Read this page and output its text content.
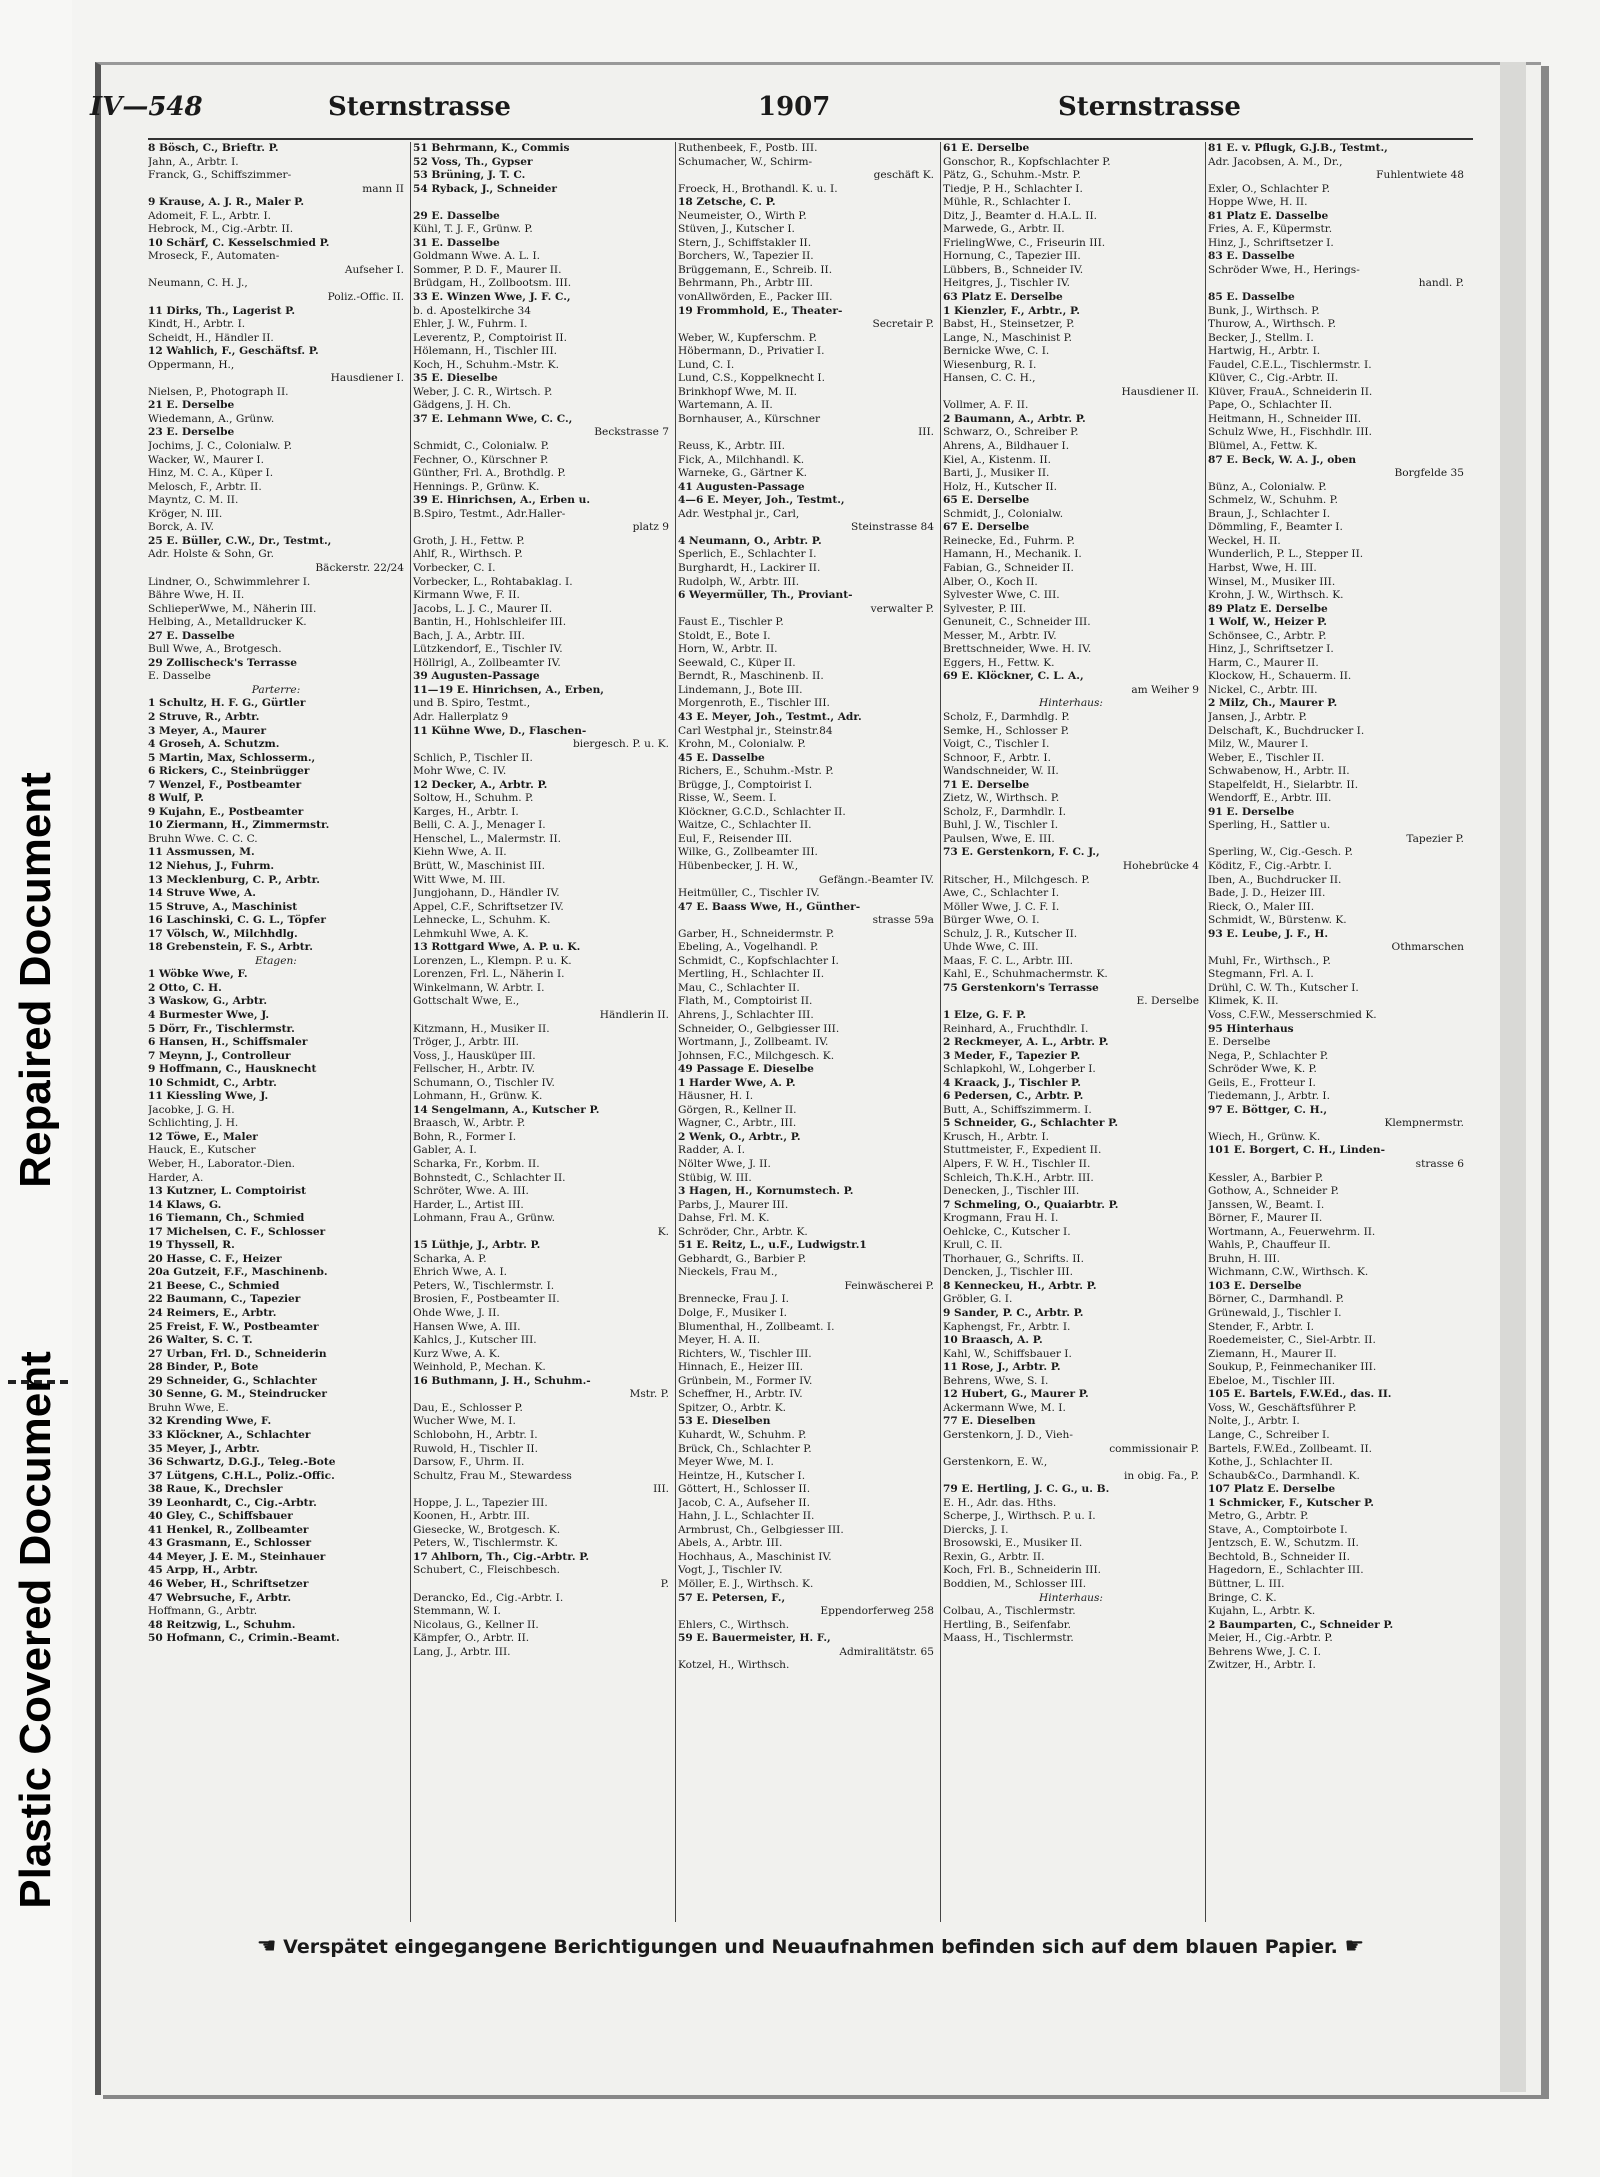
Repaired Document
Plastic Covered Document
IV—548	Sternstrasse	1907	Sternstrasse
8 Bösch, C., Brieftr. P.
Jahn, A., Arbtr. I.
Franck, G., Schiffszimmer-
mann II
9 Krause, A. J. R., Maler P.
Adomeit, F. L., Arbtr. I.
Hebrock, M., Cig.-Arbtr. II.
10 Schärf, C. Kesselschmied P.
Mroseck, F., Automaten-
Aufseher I.
Neumann, C. H. J.,
Poliz.-Offic. II.
11 Dirks, Th., Lagerist P.
Kindt, H., Arbtr. I.
Scheidt, H., Händler II.
12 Wahlich, F., Geschäftsf. P.
Oppermann, H.,
Hausdiener I.
Nielsen, P., Photograph II.
21 E. Derselbe
Wiedemann, A., Grünw.
23 E. Derselbe
Jochims, J. C., Colonialw. P.
Wacker, W., Maurer I.
Hinz, M. C. A., Küper I.
Melosch, F., Arbtr. II.
Mayntz, C. M. II.
Kröger, N. III.
Borck, A. IV.
25 E. Büller, C.W., Dr., Testmt.,
Adr. Holste & Sohn, Gr.
Bäckerstr. 22/24
Lindner, O., Schwimmlehrer I.
Bähre Wwe, H. II.
SchlieperWwe, M., Näherin III.
Helbing, A., Metalldrucker K.
27 E. Dasselbe
Bull Wwe, A., Brotgesch.
29 Zollischeck's Terrasse
E. Dasselbe
Parterre:
1 Schultz, H. F. G., Gürtler
2 Struve, R., Arbtr.
3 Meyer, A., Maurer
4 Groseh, A. Schutzm.
5 Martin, Max, Schlosserm.,
6 Rickers, C., Steinbrügger
7 Wenzel, F., Postbeamter
8 Wulf, P.
9 Kujahn, E., Postbeamter
10 Ziermann, H., Zimmermstr.
Bruhn Wwe. C. C. C.
11 Assmussen, M.
12 Niehus, J., Fuhrm.
13 Mecklenburg, C. P., Arbtr.
14 Struve Wwe, A.
15 Struve, A., Maschinist
16 Laschinski, C. G. L., Töpfer
17 Völsch, W., Milchhdlg.
18 Grebenstein, F. S., Arbtr.
Etagen:
1 Wöbke Wwe, F.
2 Otto, C. H.
3 Waskow, G., Arbtr.
4 Burmester Wwe, J.
5 Dörr, Fr., Tischlermstr.
6 Hansen, H., Schiffsmaler
7 Meynn, J., Controlleur
9 Hoffmann, C., Hausknecht
10 Schmidt, C., Arbtr.
11 Kiessling Wwe, J.
Jacobke, J. G. H.
Schlichting, J. H.
12 Töwe, E., Maler
Hauck, E., Kutscher
Weber, H., Laborator.-Dien.
Harder, A.
13 Kutzner, L. Comptoirist
14 Klaws, G.
16 Tiemann, Ch., Schmied
17 Michelsen, C. F., Schlosser
19 Thyssell, R.
20 Hasse, C. F., Heizer
20a Gutzeit, F.F., Maschinenb.
21 Beese, C., Schmied
22 Baumann, C., Tapezier
24 Reimers, E., Arbtr.
25 Freist, F. W., Postbeamter
26 Walter, S. C. T.
27 Urban, Frl. D., Schneiderin
28 Binder, P., Bote
29 Schneider, G., Schlachter
30 Senne, G. M., Steindrucker
Bruhn Wwe, E.
32 Krending Wwe, F.
33 Klöckner, A., Schlachter
35 Meyer, J., Arbtr.
36 Schwartz, D.G.J., Teleg.-Bote
37 Lütgens, C.H.L., Poliz.-Offic.
38 Raue, K., Drechsler
39 Leonhardt, C., Cig.-Arbtr.
40 Gley, C., Schiffsbauer
41 Henkel, R., Zollbeamter
43 Grasmann, E., Schlosser
44 Meyer, J. E. M., Steinhauer
45 Arpp, H., Arbtr.
46 Weber, H., Schriftsetzer
47 Webrsuche, F., Arbtr.
Hoffmann, G., Arbtr.
48 Reitzwig, L., Schuhm.
50 Hofmann, C., Crimin.-Beamt.
51 Behrmann, K., Commis
52 Voss, Th., Gypser
53 Brüning, J. T. C.
54 Ryback, J., Schneider
29 E. Dasselbe
Kühl, T. J. F., Grünw. P.
31 E. Dasselbe
Goldmann Wwe. A. L. I.
Sommer, P. D. F., Maurer II.
Brüdgam, H., Zollbootsm. III.
33 E. Winzen Wwe, J. F. C.,
b. d. Apostelkirche 34
Ehler, J. W., Fuhrm. I.
Leverentz, P., Comptoirist II.
Hölemann, H., Tischler III.
Koch, H., Schuhm.-Mstr. K.
35 E. Dieselbe
Weber, J. C. R., Wirtsch. P.
Gädgens, J. H. Ch.
37 E. Lehmann Wwe, C. C.,
Beckstrasse 7
Schmidt, C., Colonialw. P.
Fechner, O., Kürschner P.
Günther, Frl. A., Brothdlg. P.
Hennings. P., Grünw. K.
39 E. Hinrichsen, A., Erben u.
B.Spiro, Testmt., Adr.Haller-
platz 9
Groth, J. H., Fettw. P.
Ahlf, R., Wirthsch. P.
Vorbecker, C. I.
Vorbecker, L., Rohtabaklag. I.
Kirmann Wwe, F. II.
Jacobs, L. J. C., Maurer II.
Bantin, H., Hohlschleifer III.
Bach, J. A., Arbtr. III.
Lützkendorf, E., Tischler IV.
Höllrigl, A., Zollbeamter IV.
39 Augusten-Passage
11—19 E. Hinrichsen, A., Erben,
und B. Spiro, Testmt.,
Adr. Hallerplatz 9
11 Kühne Wwe, D., Flaschen-
biergesch. P. u. K.
Schlich, P., Tischler II.
Mohr Wwe, C. IV.
12 Decker, A., Arbtr. P.
Soltow, H., Schuhm. P.
Karges, H., Arbtr. I.
Belli, C. A. J., Menager I.
Henschel, L., Malermstr. II.
Kiehn Wwe, A. II.
Brütt, W., Maschinist III.
Witt Wwe, M. III.
Jungjohann, D., Händler IV.
Appel, C.F., Schriftsetzer IV.
Lehnecke, L., Schuhm. K.
Lehmkuhl Wwe, A. K.
13 Rottgard Wwe, A. P. u. K.
Lorenzen, L., Klempn. P. u. K.
Lorenzen, Frl. L., Näherin I.
Winkelmann, W. Arbtr. I.
Gottschalt Wwe, E.,
Händlerin II.
Kitzmann, H., Musiker II.
Tröger, J., Arbtr. III.
Voss, J., Hausküper III.
Fellscher, H., Arbtr. IV.
Schumann, O., Tischler IV.
Lohmann, H., Grünw. K.
14 Sengelmann, A., Kutscher P.
Braasch, W., Arbtr. P.
Bohn, R., Former I.
Gabler, A. I.
Scharka, Fr., Korbm. II.
Bohnstedt, C., Schlachter II.
Schröter, Wwe. A. III.
Harder, L., Artist III.
Lohmann, Frau A., Grünw.
K.
15 Lüthje, J., Arbtr. P.
Scharka, A. P.
Ehrich Wwe, A. I.
Peters, W., Tischlermstr. I.
Brosien, F., Postbeamter II.
Ohde Wwe, J. II.
Hansen Wwe, A. III.
Kahlcs, J., Kutscher III.
Kurz Wwe, A. K.
Weinhold, P., Mechan. K.
16 Buthmann, J. H., Schuhm.-
Mstr. P.
Dau, E., Schlosser P.
Wucher Wwe, M. I.
Schlobohn, H., Arbtr. I.
Ruwold, H., Tischler II.
Darsow, F., Uhrm. II.
Schultz, Frau M., Stewardess
III.
Hoppe, J. L., Tapezier III.
Koonen, H., Arbtr. III.
Giesecke, W., Brotgesch. K.
Peters, W., Tischlermstr. K.
17 Ahlborn, Th., Cig.-Arbtr. P.
Schubert, C., Fleischbesch.
P.
Derancko, Ed., Cig.-Arbtr. I.
Stemmann, W. I.
Nicolaus, G., Kellner II.
Kämpfer, O., Arbtr. II.
Lang, J., Arbtr. III.
Ruthenbeek, F., Postb. III.
Schumacher, W., Schirm-
geschäft K.
Froeck, H., Brothandl. K. u. I.
18 Zetsche, C. P.
Neumeister, O., Wirth P.
Stüven, J., Kutscher I.
Stern, J., Schiffstakler II.
Borchers, W., Tapezier II.
Brüggemann, E., Schreib. II.
Behrmann, Ph., Arbtr III.
vonAllwörden, E., Packer III.
19 Frommhold, E., Theater-
Secretair P.
Weber, W., Kupferschm. P.
Höbermann, D., Privatier I.
Lund, C. I.
Lund, C.S., Koppelknecht I.
Brinkhopf Wwe, M. II.
Wartemann, A. II.
Bornhauser, A., Kürschner
III.
Reuss, K., Arbtr. III.
Fick, A., Milchhandl. K.
Warneke, G., Gärtner K.
41 Augusten-Passage
4—6 E. Meyer, Joh., Testmt.,
Adr. Westphal jr., Carl,
Steinstrasse 84
4 Neumann, O., Arbtr. P.
Sperlich, E., Schlachter I.
Burghardt, H., Lackirer II.
Rudolph, W., Arbtr. III.
6 Weyermüller, Th., Proviant-
verwalter P.
Faust E., Tischler P.
Stoldt, E., Bote I.
Horn, W., Arbtr. II.
Seewald, C., Küper II.
Berndt, R., Maschinenb. II.
Lindemann, J., Bote III.
Morgenroth, E., Tischler III.
43 E. Meyer, Joh., Testmt., Adr.
Carl Westphal jr., Steinstr.84
Krohn, M., Colonialw. P.
45 E. Dasselbe
Richers, E., Schuhm.-Mstr. P.
Brügge, J., Comptoirist I.
Risse, W., Seem. I.
Klöckner, G.C.D., Schlachter II.
Waitze, C., Schlachter II.
Eul, F., Reisender III.
Wilke, G., Zollbeamter III.
Hübenbecker, J. H. W.,
Gefängn.-Beamter IV.
Heitmüller, C., Tischler IV.
47 E. Baass Wwe, H., Günther-
strasse 59a
Garber, H., Schneidermstr. P.
Ebeling, A., Vogelhandl. P.
Schmidt, C., Kopfschlachter I.
Mertling, H., Schlachter II.
Mau, C., Schlachter II.
Flath, M., Comptoirist II.
Ahrens, J., Schlachter III.
Schneider, O., Gelbgiesser III.
Wortmann, J., Zollbeamt. IV.
Johnsen, F.C., Milchgesch. K.
49 Passage E. Dieselbe
1 Harder Wwe, A. P.
Häusner, H. I.
Görgen, R., Kellner II.
Wagner, C., Arbtr., III.
2 Wenk, O., Arbtr., P.
Radder, A. I.
Nölter Wwe, J. II.
Stübig, W. III.
3 Hagen, H., Kornumstech. P.
Parbs, J., Maurer III.
Dahse, Frl. M. K.
Schröder, Chr., Arbtr. K.
51 E. Reitz, L., u.F., Ludwigstr.1
Gebhardt, G., Barbier P.
Nieckels, Frau M.,
Feinwäscherei P.
Brennecke, Frau J. I.
Dolge, F., Musiker I.
Blumenthal, H., Zollbeamt. I.
Meyer, H. A. II.
Richters, W., Tischler III.
Hinnach, E., Heizer III.
Grünbein, M., Former IV.
Scheffner, H., Arbtr. IV.
Spitzer, O., Arbtr. K.
53 E. Dieselben
Kuhardt, W., Schuhm. P.
Brück, Ch., Schlachter P.
Meyer Wwe, M. I.
Heintze, H., Kutscher I.
Göttert, H., Schlosser II.
Jacob, C. A., Aufseher II.
Hahn, J. L., Schlachter II.
Armbrust, Ch., Gelbgiesser III.
Abels, A., Arbtr. III.
Hochhaus, A., Maschinist IV.
Vogt, J., Tischler IV.
Möller, E. J., Wirthsch. K.
57 E. Petersen, F.,
Eppendorferweg 258
Ehlers, C., Wirthsch.
59 E. Bauermeister, H. F.,
Admiralitätstr. 65
Kotzel, H., Wirthsch.
61 E. Derselbe
Gonschor, R., Kopfschlachter P.
Pätz, G., Schuhm.-Mstr. P.
Tiedje, P. H., Schlachter I.
Mühle, R., Schlachter I.
Ditz, J., Beamter d. H.A.L. II.
Marwede, G., Arbtr. II.
FrielingWwe, C., Friseurin III.
Hornung, C., Tapezier III.
Lübbers, B., Schneider IV.
Heitgres, J., Tischler IV.
63 Platz E. Derselbe
1 Kienzler, F., Arbtr., P.
Babst, H., Steinsetzer, P.
Lange, N., Maschinist P.
Bernicke Wwe, C. I.
Wiesenburg, R. I.
Hansen, C. C. H.,
Hausdiener II.
Vollmer, A. F. II.
2 Baumann, A., Arbtr. P.
Schwarz, O., Schreiber P.
Ahrens, A., Bildhauer I.
Kiel, A., Kistenm. II.
Barti, J., Musiker II.
Holz, H., Kutscher II.
65 E. Derselbe
Schmidt, J., Colonialw.
67 E. Derselbe
Reinecke, Ed., Fuhrm. P.
Hamann, H., Mechanik. I.
Fabian, G., Schneider II.
Alber, O., Koch II.
Sylvester Wwe, C. III.
Sylvester, P. III.
Genuneit, C., Schneider III.
Messer, M., Arbtr. IV.
Brettschneider, Wwe. H. IV.
Eggers, H., Fettw. K.
69 E. Klöckner, C. L. A.,
am Weiher 9
Hinterhaus:
Scholz, F., Darmhdlg. P.
Semke, H., Schlosser P.
Voigt, C., Tischler I.
Schnoor, F., Arbtr. I.
Wandschneider, W. II.
71 E. Derselbe
Zietz, W., Wirthsch. P.
Scholz, F., Darmhdlr. I.
Buhl, J. W., Tischler I.
Paulsen, Wwe, E. III.
73 E. Gerstenkorn, F. C. J.,
Hohebrücke 4
Ritscher, H., Milchgesch. P.
Awe, C., Schlachter I.
Möller Wwe, J. C. F. I.
Bürger Wwe, O. I.
Schulz, J. R., Kutscher II.
Uhde Wwe, C. III.
Maas, F. C. L., Arbtr. III.
Kahl, E., Schuhmachermstr. K.
75 Gerstenkorn's Terrasse
E. Derselbe
1 Elze, G. F. P.
Reinhard, A., Fruchthdlr. I.
2 Reckmeyer, A. L., Arbtr. P.
3 Meder, F., Tapezier P.
Schlapkohl, W., Lohgerber I.
4 Kraack, J., Tischler P.
6 Pedersen, C., Arbtr. P.
Butt, A., Schiffszimmerm. I.
5 Schneider, G., Schlachter P.
Krusch, H., Arbtr. I.
Stuttmeister, F., Expedient II.
Alpers, F. W. H., Tischler II.
Schleich, Th.K.H., Arbtr. III.
Denecken, J., Tischler III.
7 Schmeling, O., Quaiarbtr. P.
Krogmann, Frau H. I.
Oehlcke, C., Kutscher I.
Krull, C. II.
Thorhauer, G., Schrifts. II.
Dencken, J., Tischler III.
8 Kenneckeu, H., Arbtr. P.
Gröbler, G. I.
9 Sander, P. C., Arbtr. P.
Kaphengst, Fr., Arbtr. I.
10 Braasch, A. P.
Kahl, W., Schiffsbauer I.
11 Rose, J., Arbtr. P.
Behrens, Wwe, S. I.
12 Hubert, G., Maurer P.
Ackermann Wwe, M. I.
77 E. Dieselben
Gerstenkorn, J. D., Vieh-
commissionair P.
Gerstenkorn, E. W.,
in obig. Fa., P.
79 E. Hertling, J. C. G., u. B.
E. H., Adr. das. Hths.
Scherpe, J., Wirthsch. P. u. I.
Diercks, J. I.
Brosowski, E., Musiker II.
Rexin, G., Arbtr. II.
Koch, Frl. B., Schneiderin III.
Boddien, M., Schlosser III.
Hinterhaus:
Colbau, A., Tischlermstr.
Hertling, B., Seifenfabr.
Maass, H., Tischlermstr.
81 E. v. Pflugk, G.J.B., Testmt.,
Adr. Jacobsen, A. M., Dr.,
Fuhlentwiete 48
Exler, O., Schlachter P.
Hoppe Wwe, H. II.
81 Platz E. Dasselbe
Fries, A. F., Küpermstr.
Hinz, J., Schriftsetzer I.
83 E. Dasselbe
Schröder Wwe, H., Herings-
handl. P.
85 E. Dasselbe
Bunk, J., Wirthsch. P.
Thurow, A., Wirthsch. P.
Becker, J., Stellm. I.
Hartwig, H., Arbtr. I.
Faudel, C.E.L., Tischlermstr. I.
Klüver, C., Cig.-Arbtr. II.
Klüver, FrauA., Schneiderin II.
Pape, O., Schlachter II.
Heitmann, H., Schneider III.
Schulz Wwe, H., Fischhdlr. III.
Blümel, A., Fettw. K.
87 E. Beck, W. A. J., oben
Borgfelde 35
Bünz, A., Colonialw. P.
Schmelz, W., Schuhm. P.
Braun, J., Schlachter I.
Dömmling, F., Beamter I.
Weckel, H. II.
Wunderlich, P. L., Stepper II.
Harbst, Wwe, H. III.
Winsel, M., Musiker III.
Krohn, J. W., Wirthsch. K.
89 Platz E. Derselbe
1 Wolf, W., Heizer P.
Schönsee, C., Arbtr. P.
Hinz, J., Schriftsetzer I.
Harm, C., Maurer II.
Klockow, H., Schauerm. II.
Nickel, C., Arbtr. III.
2 Milz, Ch., Maurer P.
Jansen, J., Arbtr. P.
Delschaft, K., Buchdrucker I.
Milz, W., Maurer I.
Weber, E., Tischler II.
Schwabenow, H., Arbtr. II.
Stapelfeldt, H., Sielarbtr. II.
Wendorff, E., Arbtr. III.
91 E. Derselbe
Sperling, H., Sattler u.
Tapezier P.
Sperling, W., Cig.-Gesch. P.
Köditz, F., Cig.-Arbtr. I.
Iben, A., Buchdrucker II.
Bade, J. D., Heizer III.
Rieck, O., Maler III.
Schmidt, W., Bürstenw. K.
93 E. Leube, J. F., H.
Othmarschen
Muhl, Fr., Wirthsch., P.
Stegmann, Frl. A. I.
Drühl, C. W. Th., Kutscher I.
Klimek, K. II.
Voss, C.F.W., Messerschmied K.
95 Hinterhaus
E. Derselbe
Nega, P., Schlachter P.
Schröder Wwe, K. P.
Geils, E., Frotteur I.
Tiedemann, J., Arbtr. I.
97 E. Böttger, C. H.,
Klempnermstr.
Wiech, H., Grünw. K.
101 E. Borgert, C. H., Linden-
strasse 6
Kessler, A., Barbier P.
Gothow, A., Schneider P.
Janssen, W., Beamt. I.
Börner, F., Maurer II.
Wortmann, A., Feuerwehrm. II.
Wahls, P., Chauffeur II.
Bruhn, H. III.
Wichmann, C.W., Wirthsch. K.
103 E. Derselbe
Börner, C., Darmhandl. P.
Grünewald, J., Tischler I.
Stender, F., Arbtr. I.
Roedemeister, C., Siel-Arbtr. II.
Ziemann, H., Maurer II.
Soukup, P., Feinmechaniker III.
Ebeloe, M., Tischler III.
105 E. Bartels, F.W.Ed., das. II.
Voss, W., Geschäftsführer P.
Nolte, J., Arbtr. I.
Lange, C., Schreiber I.
Bartels, F.W.Ed., Zollbeamt. II.
Kothe, J., Schlachter II.
Schaub&Co., Darmhandl. K.
107 Platz E. Derselbe
1 Schmicker, F., Kutscher P.
Metro, G., Arbtr. P.
Stave, A., Comptoirbote I.
Jentzsch, E. W., Schutzm. II.
Bechtold, B., Schneider II.
Hagedorn, E., Schlachter III.
Büttner, L. III.
Bringe, C. K.
Kujahn, L., Arbtr. K.
2 Baumparten, C., Schneider P.
Meier, H., Cig.-Arbtr. P.
Behrens Wwe, J. C. I.
Zwitzer, H., Arbtr. I.
☚ Verspätet eingegangene Berichtigungen und Neuaufnahmen befinden sich auf dem blauen Papier. ☛
